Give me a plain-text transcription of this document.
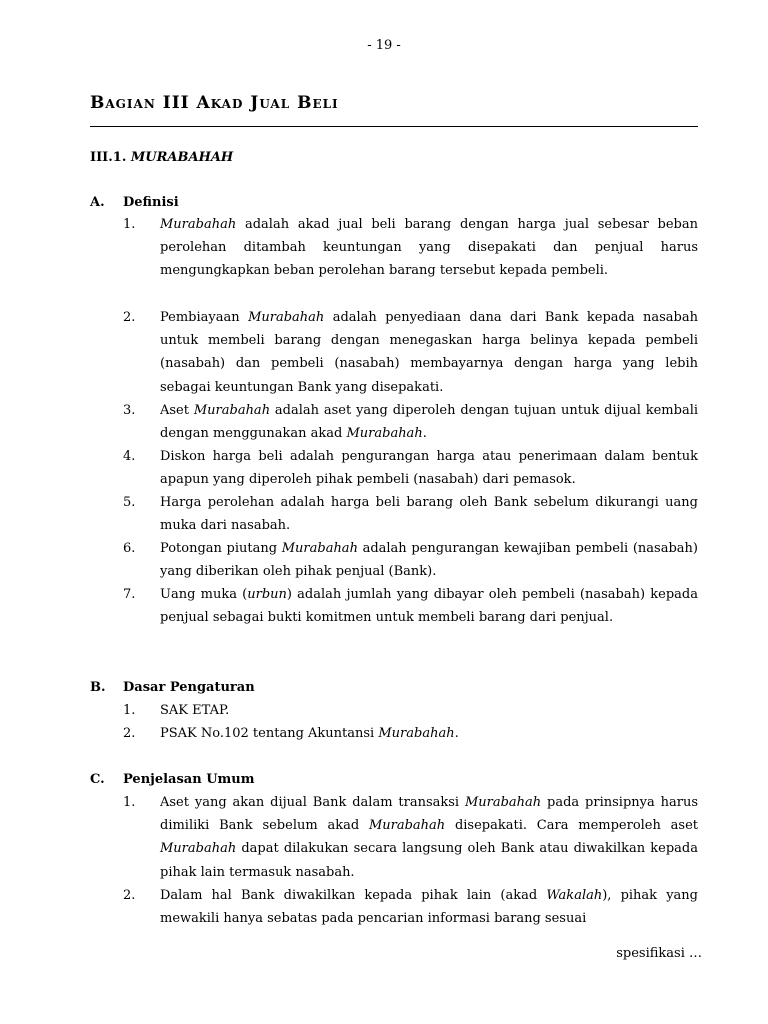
- 19 -
Bagian III Akad Jual Beli
III.1. MURABAHAH
A. Definisi
1.	Murabahah adalah akad jual beli barang dengan harga jual sebesar beban perolehan ditambah keuntungan yang disepakati dan penjual harus mengungkapkan beban perolehan barang tersebut kepada pembeli.
2.	Pembiayaan Murabahah adalah penyediaan dana dari Bank kepada nasabah untuk membeli barang dengan menegaskan harga belinya kepada pembeli (nasabah) dan pembeli (nasabah) membayarnya dengan harga yang lebih sebagai keuntungan Bank yang disepakati.
3.	Aset Murabahah adalah aset yang diperoleh dengan tujuan untuk dijual kembali dengan menggunakan akad Murabahah.
4.	Diskon harga beli adalah pengurangan harga atau penerimaan dalam bentuk apapun yang diperoleh pihak pembeli (nasabah) dari pemasok.
5.	Harga perolehan adalah harga beli barang oleh Bank sebelum dikurangi uang muka dari nasabah.
6.	Potongan piutang Murabahah adalah pengurangan kewajiban pembeli (nasabah) yang diberikan oleh pihak penjual (Bank).
7.	Uang muka (urbun) adalah jumlah yang dibayar oleh pembeli (nasabah) kepada penjual sebagai bukti komitmen untuk membeli barang dari penjual.
B. Dasar Pengaturan
1.	SAK ETAP.
2.	PSAK No.102 tentang Akuntansi Murabahah.
C. Penjelasan Umum
1.	Aset yang akan dijual Bank dalam transaksi Murabahah pada prinsipnya harus dimiliki Bank sebelum akad Murabahah disepakati. Cara memperoleh aset Murabahah dapat dilakukan secara langsung oleh Bank atau diwakilkan kepada pihak lain termasuk nasabah.
2.	Dalam hal Bank diwakilkan kepada pihak lain (akad Wakalah), pihak yang mewakili hanya sebatas pada pencarian informasi barang sesuai
spesifikasi …
